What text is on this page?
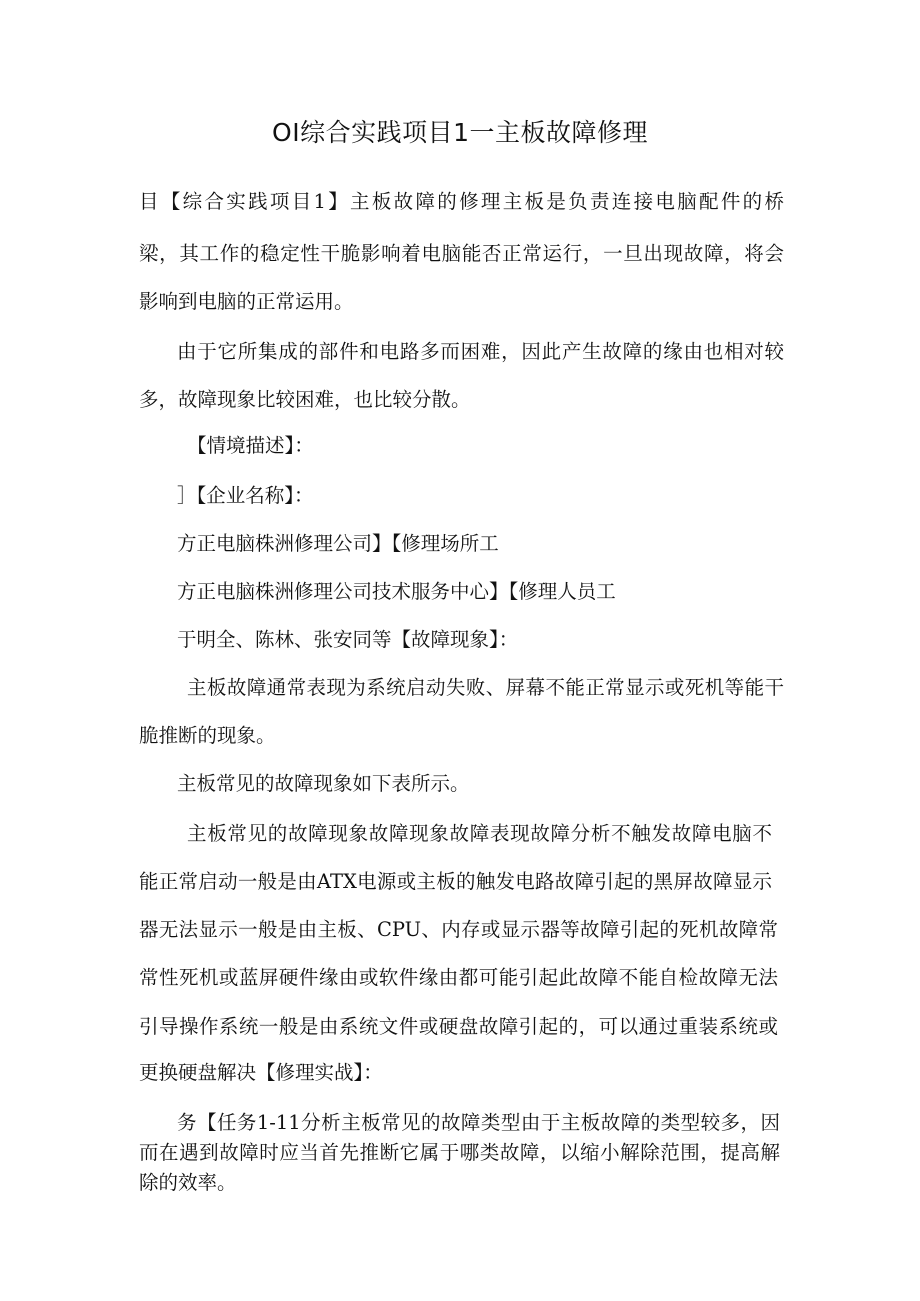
OI综合实践项目1一主板故障修理
目【综合实践项目1】主板故障的修理主板是负责连接电脑配件的桥
梁，其工作的稳定性干脆影响着电脑能否正常运行，一旦出现故障，将会
影响到电脑的正常运用。
由于它所集成的部件和电路多而困难，因此产生故障的缘由也相对较
多，故障现象比较困难，也比较分散。
【情境描述】：
］【企业名称】：
方正电脑株洲修理公司】【修理场所工
方正电脑株洲修理公司技术服务中心】【修理人员工
于明全、陈林、张安同等【故障现象】：
主板故障通常表现为系统启动失败、屏幕不能正常显示或死机等能干
脆推断的现象。
主板常见的故障现象如下表所示。
主板常见的故障现象故障现象故障表现故障分析不触发故障电脑不
能正常启动一般是由ATX电源或主板的触发电路故障引起的黑屏故障显示
器无法显示一般是由主板、CPU、内存或显示器等故障引起的死机故障常
常性死机或蓝屏硬件缘由或软件缘由都可能引起此故障不能自检故障无法
引导操作系统一般是由系统文件或硬盘故障引起的，可以通过重装系统或
更换硬盘解决【修理实战】：
务【任务1-11分析主板常见的故障类型由于主板故障的类型较多，因
而在遇到故障时应当首先推断它属于哪类故障，以缩小解除范围，提高解
除的效率。
